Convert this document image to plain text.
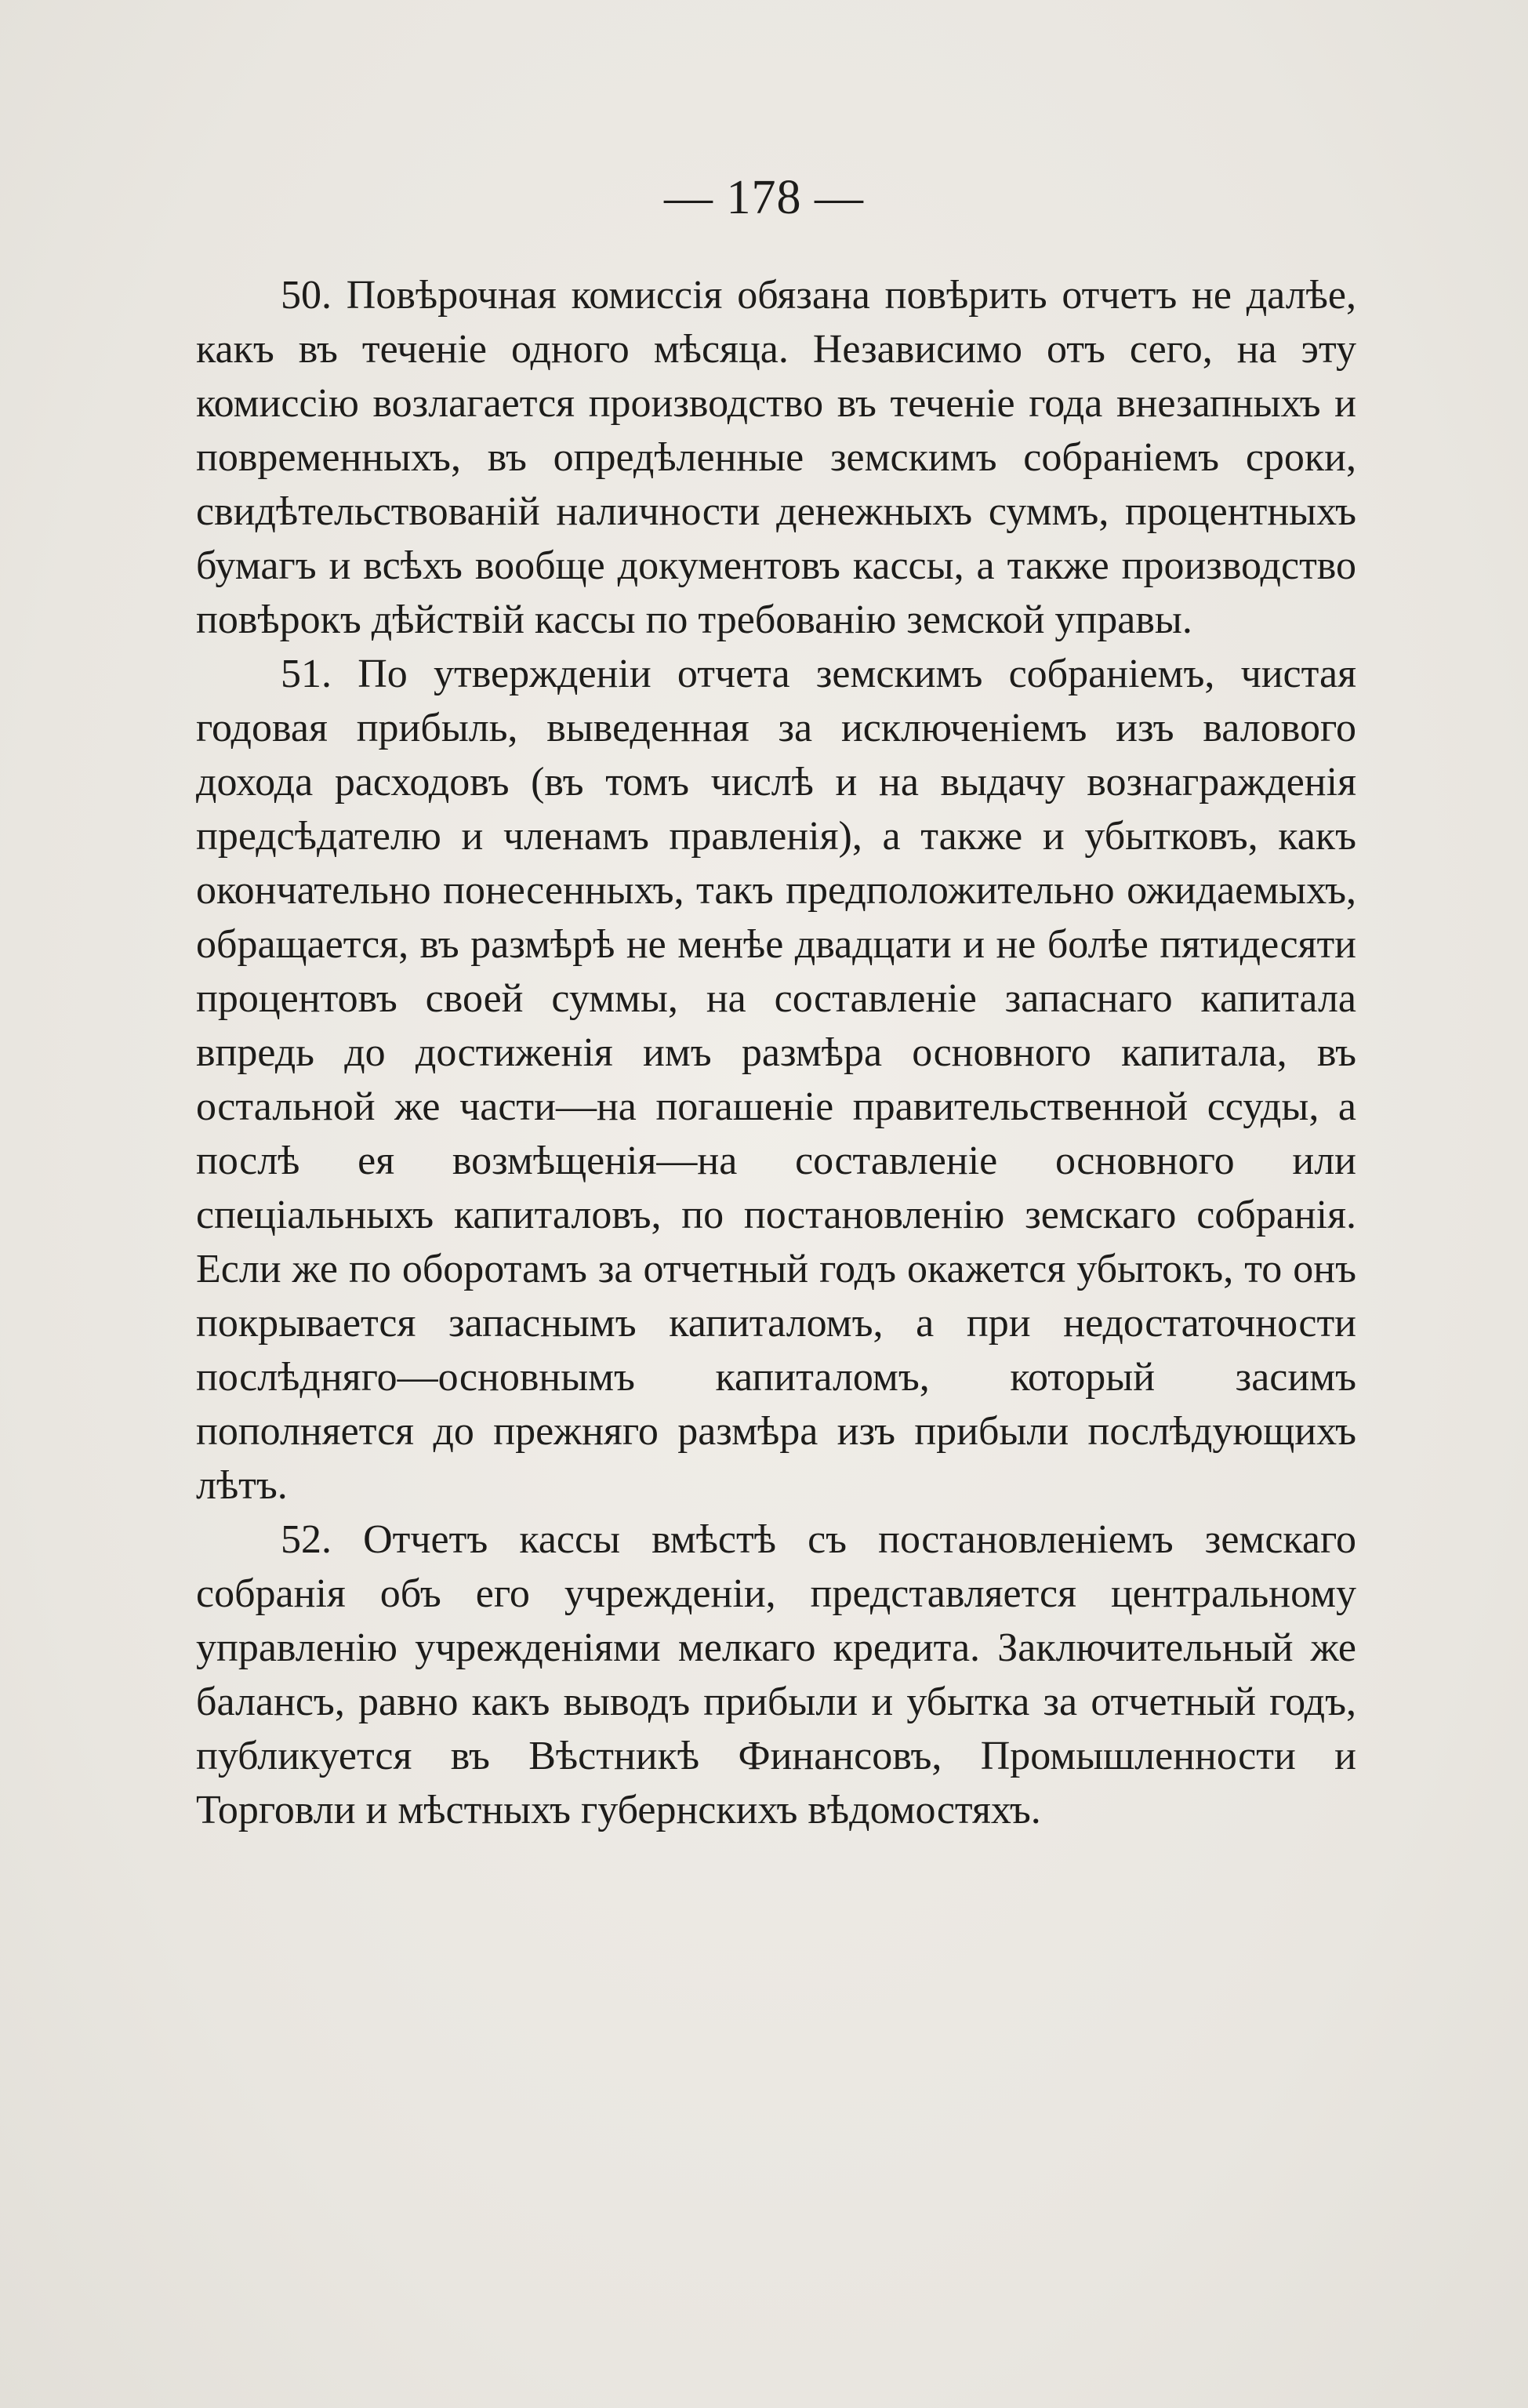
— 178 —

50. Повѣрочная комиссія обязана повѣрить отчетъ не далѣе, какъ въ теченіе одного мѣсяца. Независимо отъ сего, на эту комиссію возлагается производство въ теченіе года внезапныхъ и повременныхъ, въ опредѣленные земскимъ собраніемъ сроки, свидѣтельствованій наличности денежныхъ суммъ, процентныхъ бумагъ и всѣхъ вообще документовъ кассы, а также производство повѣрокъ дѣйствій кассы по требованію земской управы.

51. По утвержденіи отчета земскимъ собраніемъ, чистая годовая прибыль, выведенная за исключеніемъ изъ валового дохода расходовъ (въ томъ числѣ и на выдачу вознагражденія предсѣдателю и членамъ правленія), а также и убытковъ, какъ окончательно понесенныхъ, такъ предположительно ожидаемыхъ, обращается, въ размѣрѣ не менѣе двадцати и не болѣе пятидесяти процентовъ своей суммы, на составленіе запаснаго капитала впредь до достиженія имъ размѣра основного капитала, въ остальной же части—на погашеніе правительственной ссуды, а послѣ ея возмѣщенія—на составленіе основного или спеціальныхъ капиталовъ, по постановленію земскаго собранія. Если же по оборотамъ за отчетный годъ окажется убытокъ, то онъ покрывается запаснымъ капиталомъ, а при недостаточности послѣдняго—основнымъ капиталомъ, который засимъ пополняется до прежняго размѣра изъ прибыли послѣдующихъ лѣтъ.

52. Отчетъ кассы вмѣстѣ съ постановленіемъ земскаго собранія объ его учрежденіи, представляется центральному управленію учрежденіями мелкаго кредита. Заключительный же балансъ, равно какъ выводъ прибыли и убытка за отчетный годъ, публикуется въ Вѣстникѣ Финансовъ, Промышленности и Торговли и мѣстныхъ губернскихъ вѣдомостяхъ.
